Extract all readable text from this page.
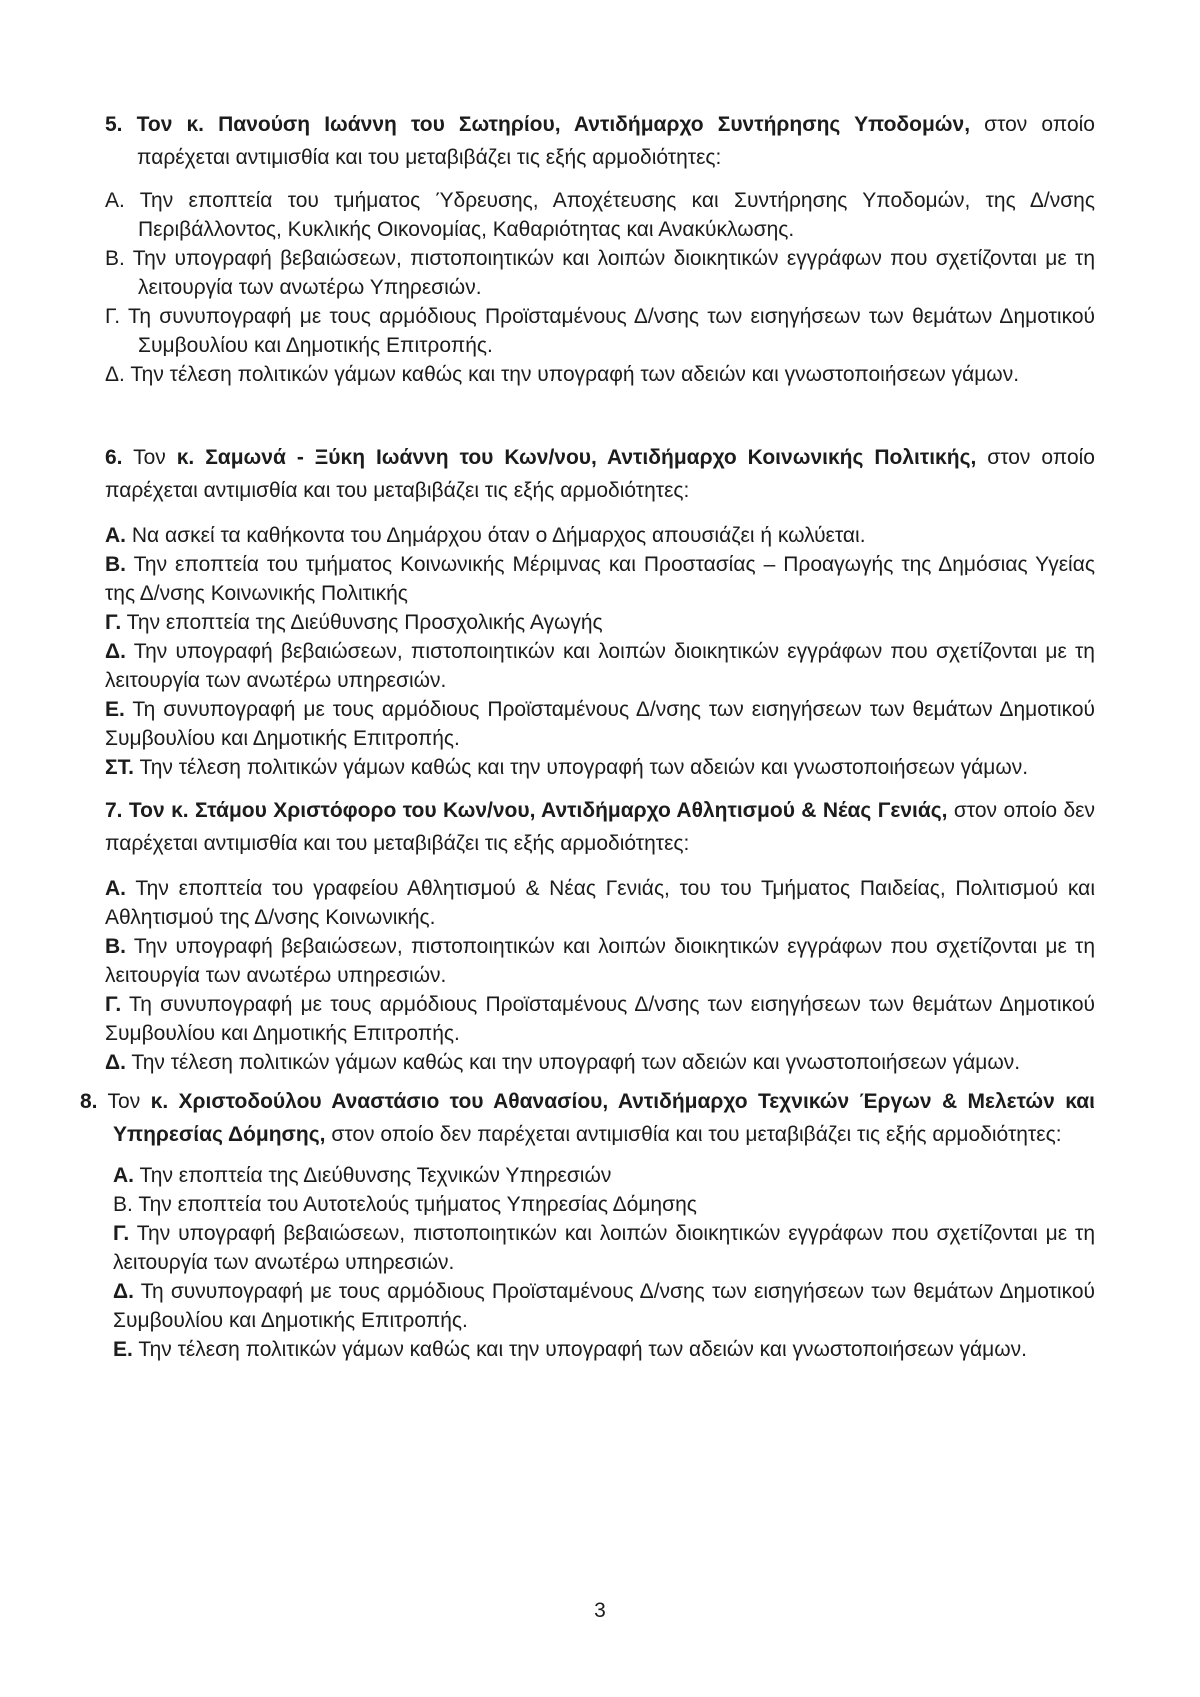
5. Τον κ. Πανούση Ιωάννη του Σωτηρίου, Αντιδήμαρχο Συντήρησης Υποδομών, στον οποίο παρέχεται αντιμισθία και του μεταβιβάζει τις εξής αρμοδιότητες:

Α. Την εποπτεία του τμήματος Ύδρευσης, Αποχέτευσης και Συντήρησης Υποδομών, της Δ/νσης Περιβάλλοντος, Κυκλικής Οικονομίας, Καθαριότητας και Ανακύκλωσης.

Β. Την υπογραφή βεβαιώσεων, πιστοποιητικών και λοιπών διοικητικών εγγράφων που σχετίζονται με τη λειτουργία των ανωτέρω Υπηρεσιών.

Γ. Τη συνυπογραφή με τους αρμόδιους Προϊσταμένους Δ/νσης των εισηγήσεων των θεμάτων Δημοτικού Συμβουλίου και Δημοτικής Επιτροπής.

Δ. Την τέλεση πολιτικών γάμων καθώς και την υπογραφή των αδειών και γνωστοποιήσεων γάμων.

6. Τον κ. Σαμωνά - Ξύκη Ιωάννη του Κων/νου, Αντιδήμαρχο Κοινωνικής Πολιτικής, στον οποίο παρέχεται αντιμισθία και του μεταβιβάζει τις εξής αρμοδιότητες:

Α. Να ασκεί τα καθήκοντα του Δημάρχου όταν ο Δήμαρχος απουσιάζει ή κωλύεται.

Β. Την εποπτεία του τμήματος Κοινωνικής Μέριμνας και Προστασίας – Προαγωγής της Δημόσιας Υγείας της Δ/νσης Κοινωνικής Πολιτικής

Γ. Την εποπτεία της Διεύθυνσης Προσχολικής Αγωγής

Δ. Την υπογραφή βεβαιώσεων, πιστοποιητικών και λοιπών διοικητικών εγγράφων που σχετίζονται με τη λειτουργία των ανωτέρω υπηρεσιών.

Ε. Τη συνυπογραφή με τους αρμόδιους Προϊσταμένους Δ/νσης των εισηγήσεων των θεμάτων Δημοτικού Συμβουλίου και Δημοτικής Επιτροπής.

ΣΤ. Την τέλεση πολιτικών γάμων καθώς και την υπογραφή των αδειών και γνωστοποιήσεων γάμων.

7. Τον κ. Στάμου Χριστόφορο του Κων/νου, Αντιδήμαρχο Αθλητισμού & Νέας Γενιάς, στον οποίο δεν παρέχεται αντιμισθία και του μεταβιβάζει τις εξής αρμοδιότητες:

Α. Την εποπτεία του γραφείου Αθλητισμού & Νέας Γενιάς, του του Τμήματος Παιδείας, Πολιτισμού και Αθλητισμού της Δ/νσης Κοινωνικής.

Β. Την υπογραφή βεβαιώσεων, πιστοποιητικών και λοιπών διοικητικών εγγράφων που σχετίζονται με τη λειτουργία των ανωτέρω υπηρεσιών.

Γ. Τη συνυπογραφή με τους αρμόδιους Προϊσταμένους Δ/νσης των εισηγήσεων των θεμάτων Δημοτικού Συμβουλίου και Δημοτικής Επιτροπής.

Δ. Την τέλεση πολιτικών γάμων καθώς και την υπογραφή των αδειών και γνωστοποιήσεων γάμων.

8. Τον κ. Χριστοδούλου Αναστάσιο του Αθανασίου, Αντιδήμαρχο Τεχνικών Έργων & Μελετών και Υπηρεσίας Δόμησης, στον οποίο δεν παρέχεται αντιμισθία και του μεταβιβάζει τις εξής αρμοδιότητες:

Α. Την εποπτεία της Διεύθυνσης Τεχνικών Υπηρεσιών

Β. Την εποπτεία του Αυτοτελούς τμήματος Υπηρεσίας Δόμησης

Γ. Την υπογραφή βεβαιώσεων, πιστοποιητικών και λοιπών διοικητικών εγγράφων που σχετίζονται με τη λειτουργία των ανωτέρω υπηρεσιών.

Δ. Τη συνυπογραφή με τους αρμόδιους Προϊσταμένους Δ/νσης των εισηγήσεων των θεμάτων Δημοτικού Συμβουλίου και Δημοτικής Επιτροπής.

Ε. Την τέλεση πολιτικών γάμων καθώς και την υπογραφή των αδειών και γνωστοποιήσεων γάμων.

3
